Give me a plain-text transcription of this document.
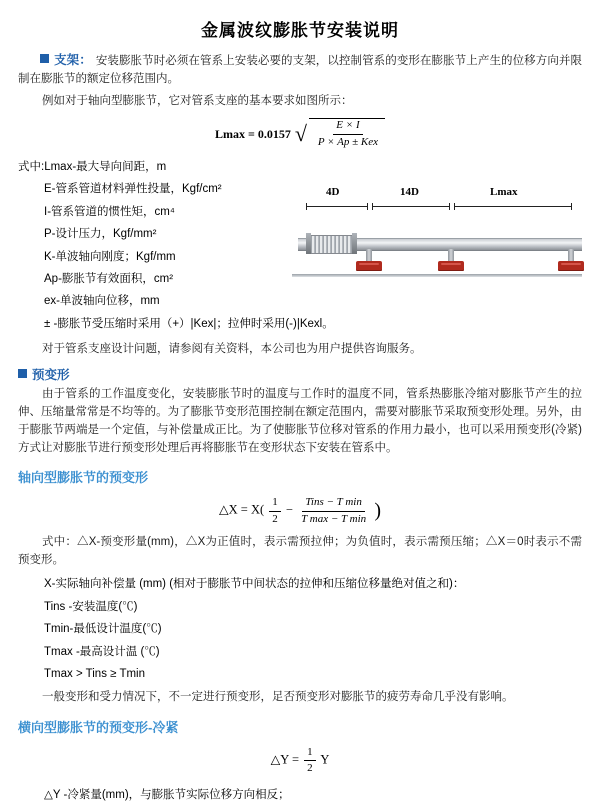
金属波纹膨胀节安装说明

支架： 安装膨胀节时必须在管系上安装必要的支架，以控制管系的变形在膨胀节上产生的位移方向并限制在膨胀节的额定位移范围内。

例如对于轴向型膨胀节，它对管系支座的基本要求如图所示：

Lmax = 0.0157 √ $\frac{E \times I}{\text{P × Ap ± Kex}}$
式中:Lmax-最大导向间距，m
E-管系管道材料弹性投量，Kgf/cm²
I-管系管道的惯性矩，cm⁴
P-设计压力，Kgf/mm²
K-单波轴向刚度；Kgf/mm
Ap-膨胀节有效面积，cm²
ex-单波轴向位移，mm
± -膨胀节受压缩时采用（+）|Kex|；拉伸时采用(-)|Kexl。

对于管系支座设计问题，请参阅有关资料，本公司也为用户提供咨询服务。

4D	14D	Lmax
预变形

由于管系的工作温度变化，安装膨胀节时的温度与工作时的温度不同，管系热膨胀冷缩对膨胀节产生的拉伸、压缩量常常是不均等的。为了膨胀节变形范围控制在额定范围内，需要对膨胀节采取预变形处理。另外，由于膨胀节两端是一个定值，与补偿量成正比。为了使膨胀节位移对管系的作用力最小，也可以采用预变形(冷紧)方式让对膨胀节进行预变形处理后再将膨胀节在变形状态下安装在管系中。

轴向型膨胀节的预变形
△X = $X( \frac{1}{2} - \frac{\text{Tins − T min}}{\text{T max − T min}}$ )

式中：△X-预变形量(mm)，△X为正值时，表示需预拉伸；为负值时，表示需预压缩；△X＝0时表示不需预变形。

X-实际轴向补偿量 (mm) (相对于膨胀节中间状态的拉伸和压缩位移量绝对值之和)：
Tins -安装温度(℃)
Tmin-最低设计温度(℃)
Tmax -最高设计温 (℃)
Tmax > Tins ≥ Tmin

一般变形和受力情况下，不一定进行预变形，足否预变形对膨胀节的疲劳寿命几乎没有影响。

横向型膨胀节的预变形-冷紧
△Y = $\frac{1}{2}$ Y
△Y -冷紧量(mm)，与膨胀节实际位移方向相反；
